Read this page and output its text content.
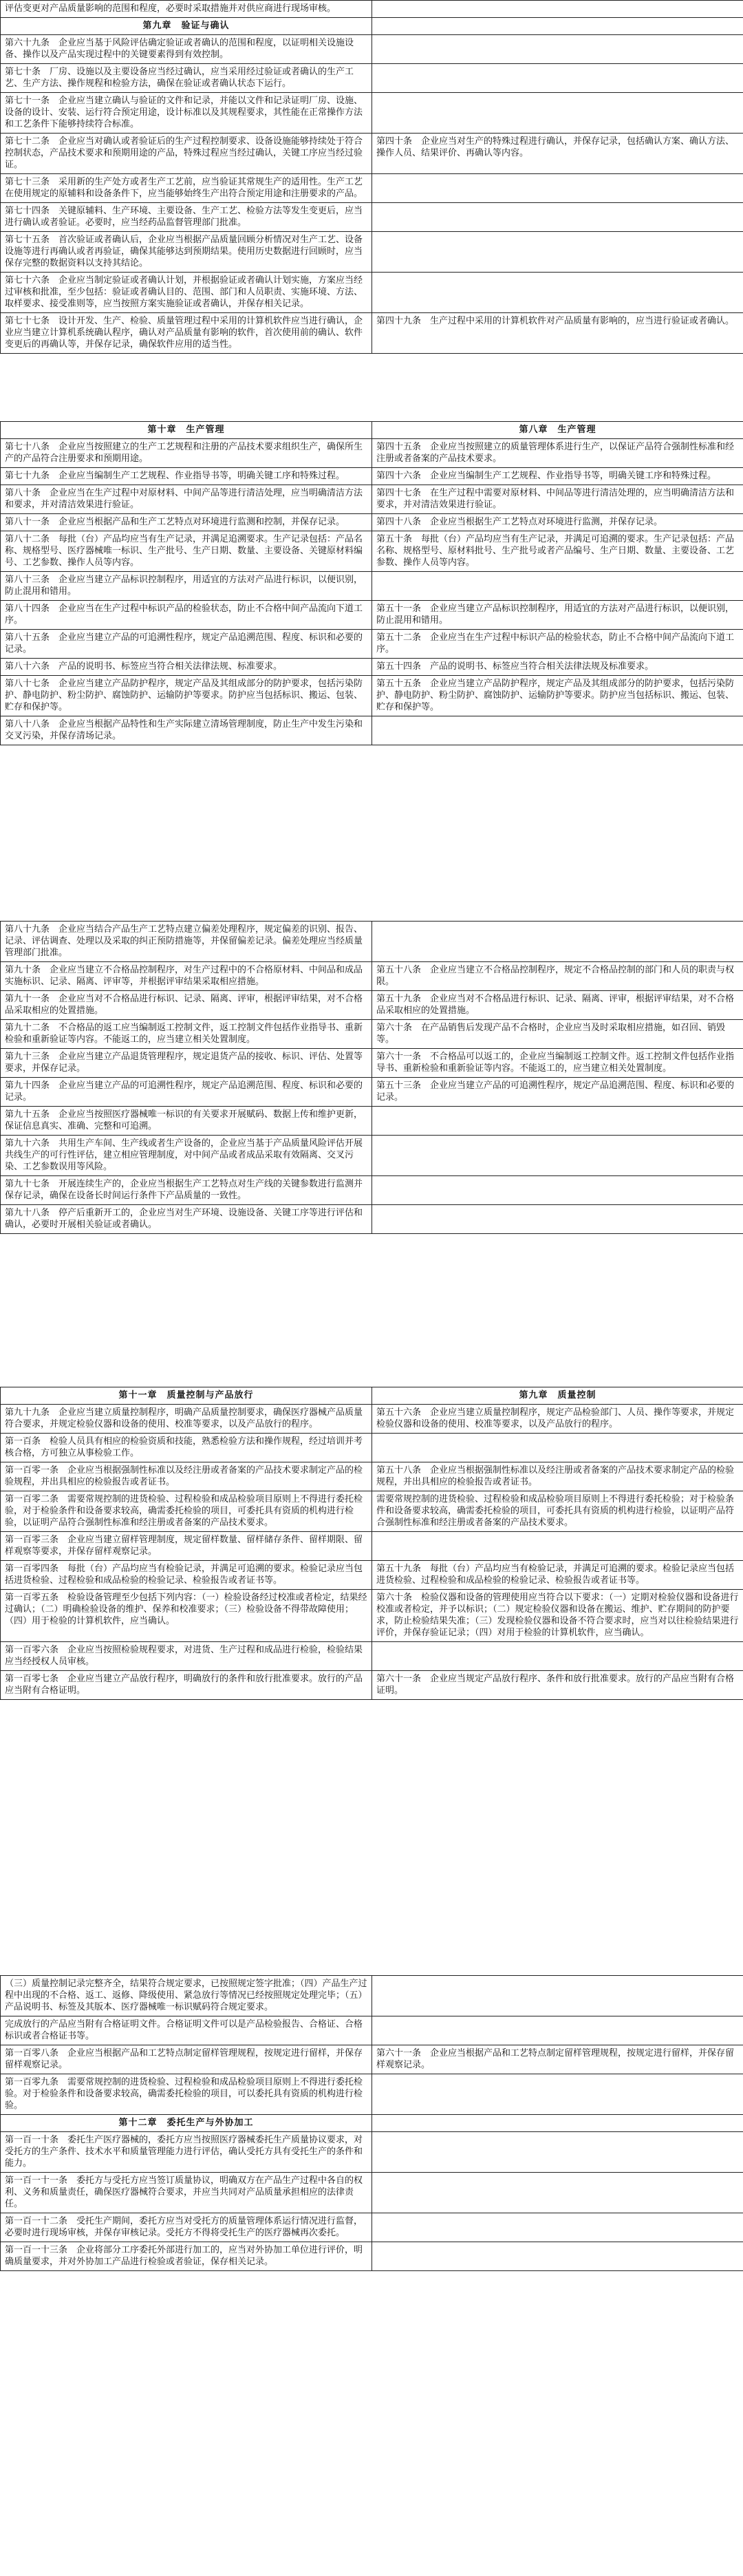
评估变更对产品质量影响的范围和程度，必要时采取措施并对供应商进行现场审核。	
第九章　验证与确认	
第六十九条　企业应当基于风险评估确定验证或者确认的范围和程度，以证明相关设施设备、操作以及产品实现过程中的关键要素得到有效控制。	
第七十条　厂房、设施以及主要设备应当经过确认，应当采用经过验证或者确认的生产工艺、生产方法、操作规程和检验方法，确保在验证或者确认状态下运行。	
第七十一条　企业应当建立确认与验证的文件和记录，并能以文件和记录证明厂房、设施、设备的设计、安装、运行符合预定用途，设计标准以及其规程要求，其性能在正常操作方法和工艺条件下能够持续符合标准。	
第七十二条　企业应当对确认或者验证后的生产过程控制要求、设备设施能够持续处于符合控制状态，产品技术要求和预期用途的产品，特殊过程应当经过确认，关键工序应当经过验证。	第四十条　企业应当对生产的特殊过程进行确认，并保存记录，包括确认方案、确认方法、操作人员、结果评价、再确认等内容。
第七十三条　采用新的生产处方或者生产工艺前，应当验证其常规生产的适用性。生产工艺在使用规定的原辅料和设备条件下，应当能够始终生产出符合预定用途和注册要求的产品。	
第七十四条　关键原辅料、生产环境、主要设备、生产工艺、检验方法等发生变更后，应当进行确认或者验证。必要时，应当经药品监督管理部门批准。	
第七十五条　首次验证或者确认后，企业应当根据产品质量回顾分析情况对生产工艺、设备设施等进行再确认或者再验证，确保其能够达到预期结果。使用历史数据进行回顾时，应当保存完整的数据资料以支持其结论。	
第七十六条　企业应当制定验证或者确认计划，并根据验证或者确认计划实施，方案应当经过审核和批准，至少包括：验证或者确认目的、范围、部门和人员职责、实施环境、方法、取样要求、接受准则等，应当按照方案实施验证或者确认，并保存相关记录。	
第七十七条　设计开发、生产、检验、质量管理过程中采用的计算机软件应当进行确认，企业应当建立计算机系统确认程序，确认对产品质量有影响的软件，首次使用前的确认、软件变更后的再确认等，并保存记录，确保软件应用的适当性。	第四十九条　生产过程中采用的计算机软件对产品质量有影响的，应当进行验证或者确认。
第十章　生产管理	第八章　生产管理
第七十八条　企业应当按照建立的生产工艺规程和注册的产品技术要求组织生产，确保所生产的产品符合注册要求和预期用途。	第四十五条　企业应当按照建立的质量管理体系进行生产，以保证产品符合强制性标准和经注册或者备案的产品技术要求。
第七十九条　企业应当编制生产工艺规程、作业指导书等，明确关键工序和特殊过程。	第四十六条　企业应当编制生产工艺规程、作业指导书等，明确关键工序和特殊过程。
第八十条　企业应当在生产过程中对原材料、中间产品等进行清洁处理，应当明确清洁方法和要求，并对清洁效果进行验证。	第四十七条　在生产过程中需要对原材料、中间品等进行清洁处理的，应当明确清洁方法和要求，并对清洁效果进行验证。
第八十一条　企业应当根据产品和生产工艺特点对环境进行监测和控制，并保存记录。	第四十八条　企业应当根据生产工艺特点对环境进行监测，并保存记录。
第八十二条　每批（台）产品均应当有生产记录，并满足追溯要求。生产记录包括：产品名称、规格型号、医疗器械唯一标识、生产批号、生产日期、数量、主要设备、关键原材料编号、工艺参数、操作人员等内容。	第五十条　每批（台）产品均应当有生产记录，并满足可追溯的要求。生产记录包括：产品名称、规格型号、原材料批号、生产批号或者产品编号、生产日期、数量、主要设备、工艺参数、操作人员等内容。
第八十三条　企业应当建立产品标识控制程序，用适宜的方法对产品进行标识，以便识别，防止混用和错用。	
第八十四条　企业应当在生产过程中标识产品的检验状态，防止不合格中间产品流向下道工序。	第五十一条　企业应当建立产品标识控制程序，用适宜的方法对产品进行标识，以便识别，防止混用和错用。
第八十五条　企业应当建立产品的可追溯性程序，规定产品追溯范围、程度、标识和必要的记录。	第五十二条　企业应当在生产过程中标识产品的检验状态，防止不合格中间产品流向下道工序。
第八十六条　产品的说明书、标签应当符合相关法律法规、标准要求。	第五十四条　产品的说明书、标签应当符合相关法律法规及标准要求。
第八十七条　企业应当建立产品防护程序，规定产品及其组成部分的防护要求，包括污染防护、静电防护、粉尘防护、腐蚀防护、运输防护等要求。防护应当包括标识、搬运、包装、贮存和保护等。	第五十五条　企业应当建立产品防护程序，规定产品及其组成部分的防护要求，包括污染防护、静电防护、粉尘防护、腐蚀防护、运输防护等要求。防护应当包括标识、搬运、包装、贮存和保护等。
第八十八条　企业应当根据产品特性和生产实际建立清场管理制度，防止生产中发生污染和交叉污染，并保存清场记录。	
第八十九条　企业应当结合产品生产工艺特点建立偏差处理程序，规定偏差的识别、报告、记录、评估调查、处理以及采取的纠正预防措施等，并保留偏差记录。偏差处理应当经质量管理部门批准。	
第九十条　企业应当建立不合格品控制程序，对生产过程中的不合格原材料、中间品和成品实施标识、记录、隔离、评审等，并根据评审结果采取相应措施。	第五十八条　企业应当建立不合格品控制程序，规定不合格品控制的部门和人员的职责与权限。
第九十一条　企业应当对不合格品进行标识、记录、隔离、评审，根据评审结果，对不合格品采取相应的处置措施。	第五十九条　企业应当对不合格品进行标识、记录、隔离、评审，根据评审结果，对不合格品采取相应的处置措施。
第九十二条　不合格品的返工应当编制返工控制文件，返工控制文件包括作业指导书、重新检验和重新验证等内容。不能返工的，应当建立相关处置制度。	第六十条　在产品销售后发现产品不合格时，企业应当及时采取相应措施，如召回、销毁等。
第九十三条　企业应当建立产品退货管理程序，规定退货产品的接收、标识、评估、处置等要求，并保存记录。	第六十一条　不合格品可以返工的，企业应当编制返工控制文件。返工控制文件包括作业指导书、重新检验和重新验证等内容。不能返工的，应当建立相关处置制度。
第九十四条　企业应当建立产品的可追溯性程序，规定产品追溯范围、程度、标识和必要的记录。	第五十三条　企业应当建立产品的可追溯性程序，规定产品追溯范围、程度、标识和必要的记录。
第九十五条　企业应当按照医疗器械唯一标识的有关要求开展赋码、数据上传和维护更新，保证信息真实、准确、完整和可追溯。	
第九十六条　共用生产车间、生产线或者生产设备的，企业应当基于产品质量风险评估开展共线生产的可行性评估，建立相应管理制度，对中间产品或者成品采取有效隔离、交叉污染、工艺参数误用等风险。	
第九十七条　开展连续生产的，企业应当根据生产工艺特点对生产线的关键参数进行监测并保存记录，确保在设备长时间运行条件下产品质量的一致性。	
第九十八条　停产后重新开工的，企业应当对生产环境、设施设备、关键工序等进行评估和确认，必要时开展相关验证或者确认。	
第十一章　质量控制与产品放行	第九章　质量控制
第九十九条　企业应当建立质量控制程序，明确产品质量控制要求，确保医疗器械产品质量符合要求，并规定检验仪器和设备的使用、校准等要求，以及产品放行的程序。	第五十六条　企业应当建立质量控制程序，规定产品检验部门、人员、操作等要求，并规定检验仪器和设备的使用、校准等要求，以及产品放行的程序。
第一百条　检验人员具有相应的检验资质和技能，熟悉检验方法和操作规程，经过培训并考核合格，方可独立从事检验工作。	
第一百零一条　企业应当根据强制性标准以及经注册或者备案的产品技术要求制定产品的检验规程，并出具相应的检验报告或者证书。	第五十八条　企业应当根据强制性标准以及经注册或者备案的产品技术要求制定产品的检验规程，并出具相应的检验报告或者证书。
第一百零二条　需要常规控制的进货检验、过程检验和成品检验项目原则上不得进行委托检验，对于检验条件和设备要求较高，确需委托检验的项目，可委托具有资质的机构进行检验，以证明产品符合强制性标准和经注册或者备案的产品技术要求。	需要常规控制的进货检验、过程检验和成品检验项目原则上不得进行委托检验；对于检验条件和设备要求较高，确需委托检验的项目，可委托具有资质的机构进行检验，以证明产品符合强制性标准和经注册或者备案的产品技术要求。
第一百零三条　企业应当建立留样管理制度，规定留样数量、留样储存条件、留样期限、留样观察等要求，并保存留样观察记录。	
第一百零四条　每批（台）产品均应当有检验记录，并满足可追溯的要求。检验记录应当包括进货检验、过程检验和成品检验的检验记录、检验报告或者证书等。	第五十九条　每批（台）产品均应当有检验记录，并满足可追溯的要求。检验记录应当包括进货检验、过程检验和成品检验的检验记录、检验报告或者证书等。
第一百零五条　检验设备管理至少包括下列内容：（一）检验设备经过校准或者检定，结果经过确认；（二）明确检验设备的维护、保养和校准要求；（三）检验设备不得带故障使用；（四）用于检验的计算机软件，应当确认。	第六十条　检验仪器和设备的管理使用应当符合以下要求：（一）定期对检验仪器和设备进行校准或者检定，并予以标识；（二）规定检验仪器和设备在搬运、维护、贮存期间的防护要求，防止检验结果失准；（三）发现检验仪器和设备不符合要求时，应当对以往检验结果进行评价，并保存验证记录；（四）对用于检验的计算机软件，应当确认。
第一百零六条　企业应当按照检验规程要求，对进货、生产过程和成品进行检验，检验结果应当经授权人员审核。	
第一百零七条　企业应当建立产品放行程序，明确放行的条件和放行批准要求。放行的产品应当附有合格证明。	第六十一条　企业应当规定产品放行程序、条件和放行批准要求。放行的产品应当附有合格证明。
（三）质量控制记录完整齐全，结果符合规定要求，已按照规定签字批准；（四）产品生产过程中出现的不合格、返工、返修、降级使用、紧急放行等情况已经按照规定处理完毕；（五）产品说明书、标签及其版本、医疗器械唯一标识赋码符合规定要求。	
完成放行的产品应当附有合格证明文件。合格证明文件可以是产品检验报告、合格证、合格标识或者合格证书等。	
第一百零八条　企业应当根据产品和工艺特点制定留样管理规程，按规定进行留样，并保存留样观察记录。	第六十一条　企业应当根据产品和工艺特点制定留样管理规程，按规定进行留样，并保存留样观察记录。
第一百零九条　需要常规控制的进货检验、过程检验和成品检验项目原则上不得进行委托检验。对于检验条件和设备要求较高，确需委托检验的项目，可以委托具有资质的机构进行检验。	
第十二章　委托生产与外协加工	
第一百一十条　委托生产医疗器械的，委托方应当按照医疗器械委托生产质量协议要求，对受托方的生产条件、技术水平和质量管理能力进行评估，确认受托方具有受托生产的条件和能力。	
第一百一十一条　委托方与受托方应当签订质量协议，明确双方在产品生产过程中各自的权利、义务和质量责任，确保医疗器械符合要求，并应当共同对产品质量承担相应的法律责任。	
第一百一十二条　受托生产期间，委托方应当对受托方的质量管理体系运行情况进行监督，必要时进行现场审核，并保存审核记录。受托方不得将受托生产的医疗器械再次委托。	
第一百一十三条　企业将部分工序委托外部进行加工的，应当对外协加工单位进行评价，明确质量要求，并对外协加工产品进行检验或者验证，保存相关记录。	
